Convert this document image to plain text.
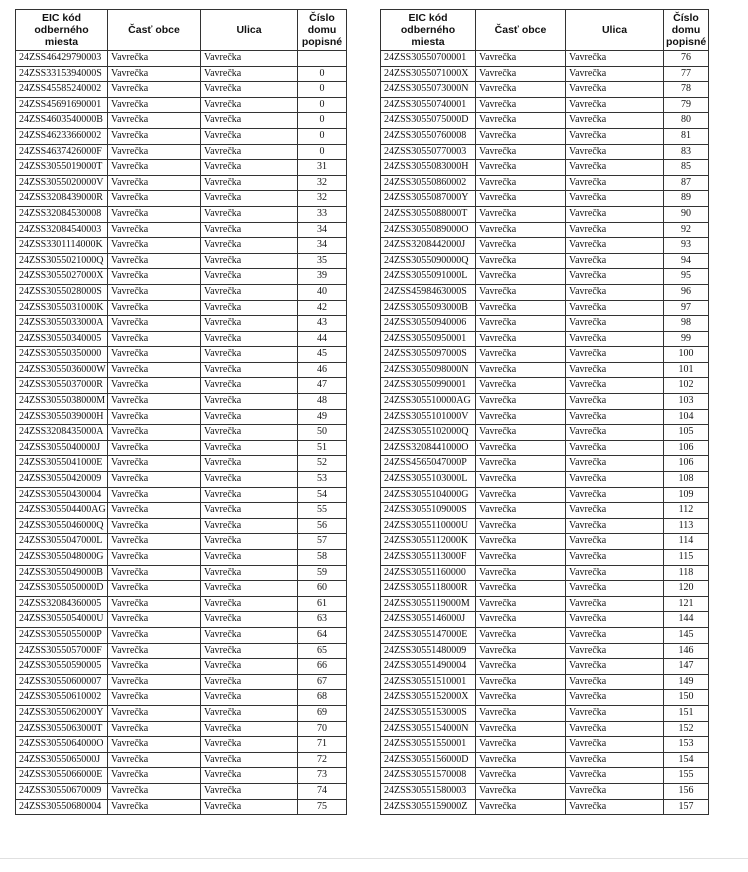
EIC kód odberného miesta	Časť obce	Ulica	Číslo domu popisné
24ZSS46429790003	Vavrečka	Vavrečka	
24ZSS3315394000S	Vavrečka	Vavrečka	0
24ZSS45585240002	Vavrečka	Vavrečka	0
24ZSS45691690001	Vavrečka	Vavrečka	0
24ZSS4603540000B	Vavrečka	Vavrečka	0
24ZSS46233660002	Vavrečka	Vavrečka	0
24ZSS4637426000F	Vavrečka	Vavrečka	0
24ZSS3055019000T	Vavrečka	Vavrečka	31
24ZSS3055020000V	Vavrečka	Vavrečka	32
24ZSS3208439000R	Vavrečka	Vavrečka	32
24ZSS32084530008	Vavrečka	Vavrečka	33
24ZSS32084540003	Vavrečka	Vavrečka	34
24ZSS3301114000K	Vavrečka	Vavrečka	34
24ZSS3055021000Q	Vavrečka	Vavrečka	35
24ZSS3055027000X	Vavrečka	Vavrečka	39
24ZSS3055028000S	Vavrečka	Vavrečka	40
24ZSS3055031000K	Vavrečka	Vavrečka	42
24ZSS3055033000A	Vavrečka	Vavrečka	43
24ZSS30550340005	Vavrečka	Vavrečka	44
24ZSS30550350000	Vavrečka	Vavrečka	45
24ZSS3055036000W	Vavrečka	Vavrečka	46
24ZSS3055037000R	Vavrečka	Vavrečka	47
24ZSS3055038000M	Vavrečka	Vavrečka	48
24ZSS3055039000H	Vavrečka	Vavrečka	49
24ZSS3208435000A	Vavrečka	Vavrečka	50
24ZSS3055040000J	Vavrečka	Vavrečka	51
24ZSS3055041000E	Vavrečka	Vavrečka	52
24ZSS30550420009	Vavrečka	Vavrečka	53
24ZSS30550430004	Vavrečka	Vavrečka	54
24ZSS305504400AG	Vavrečka	Vavrečka	55
24ZSS3055046000Q	Vavrečka	Vavrečka	56
24ZSS3055047000L	Vavrečka	Vavrečka	57
24ZSS3055048000G	Vavrečka	Vavrečka	58
24ZSS3055049000B	Vavrečka	Vavrečka	59
24ZSS3055050000D	Vavrečka	Vavrečka	60
24ZSS32084360005	Vavrečka	Vavrečka	61
24ZSS3055054000U	Vavrečka	Vavrečka	63
24ZSS3055055000P	Vavrečka	Vavrečka	64
24ZSS3055057000F	Vavrečka	Vavrečka	65
24ZSS30550590005	Vavrečka	Vavrečka	66
24ZSS30550600007	Vavrečka	Vavrečka	67
24ZSS30550610002	Vavrečka	Vavrečka	68
24ZSS3055062000Y	Vavrečka	Vavrečka	69
24ZSS3055063000T	Vavrečka	Vavrečka	70
24ZSS3055064000O	Vavrečka	Vavrečka	71
24ZSS3055065000J	Vavrečka	Vavrečka	72
24ZSS3055066000E	Vavrečka	Vavrečka	73
24ZSS30550670009	Vavrečka	Vavrečka	74
24ZSS30550680004	Vavrečka	Vavrečka	75
EIC kód odberného miesta	Časť obce	Ulica	Číslo domu popisné
24ZSS30550700001	Vavrečka	Vavrečka	76
24ZSS3055071000X	Vavrečka	Vavrečka	77
24ZSS3055073000N	Vavrečka	Vavrečka	78
24ZSS30550740001	Vavrečka	Vavrečka	79
24ZSS3055075000D	Vavrečka	Vavrečka	80
24ZSS30550760008	Vavrečka	Vavrečka	81
24ZSS30550770003	Vavrečka	Vavrečka	83
24ZSS3055083000H	Vavrečka	Vavrečka	85
24ZSS30550860002	Vavrečka	Vavrečka	87
24ZSS3055087000Y	Vavrečka	Vavrečka	89
24ZSS3055088000T	Vavrečka	Vavrečka	90
24ZSS3055089000O	Vavrečka	Vavrečka	92
24ZSS3208442000J	Vavrečka	Vavrečka	93
24ZSS3055090000Q	Vavrečka	Vavrečka	94
24ZSS3055091000L	Vavrečka	Vavrečka	95
24ZSS4598463000S	Vavrečka	Vavrečka	96
24ZSS3055093000B	Vavrečka	Vavrečka	97
24ZSS30550940006	Vavrečka	Vavrečka	98
24ZSS30550950001	Vavrečka	Vavrečka	99
24ZSS3055097000S	Vavrečka	Vavrečka	100
24ZSS3055098000N	Vavrečka	Vavrečka	101
24ZSS30550990001	Vavrečka	Vavrečka	102
24ZSS305510000AG	Vavrečka	Vavrečka	103
24ZSS3055101000V	Vavrečka	Vavrečka	104
24ZSS3055102000Q	Vavrečka	Vavrečka	105
24ZSS3208441000O	Vavrečka	Vavrečka	106
24ZSS4565047000P	Vavrečka	Vavrečka	106
24ZSS3055103000L	Vavrečka	Vavrečka	108
24ZSS3055104000G	Vavrečka	Vavrečka	109
24ZSS3055109000S	Vavrečka	Vavrečka	112
24ZSS3055110000U	Vavrečka	Vavrečka	113
24ZSS3055112000K	Vavrečka	Vavrečka	114
24ZSS3055113000F	Vavrečka	Vavrečka	115
24ZSS30551160000	Vavrečka	Vavrečka	118
24ZSS3055118000R	Vavrečka	Vavrečka	120
24ZSS3055119000M	Vavrečka	Vavrečka	121
24ZSS3055146000J	Vavrečka	Vavrečka	144
24ZSS3055147000E	Vavrečka	Vavrečka	145
24ZSS30551480009	Vavrečka	Vavrečka	146
24ZSS30551490004	Vavrečka	Vavrečka	147
24ZSS30551510001	Vavrečka	Vavrečka	149
24ZSS3055152000X	Vavrečka	Vavrečka	150
24ZSS3055153000S	Vavrečka	Vavrečka	151
24ZSS3055154000N	Vavrečka	Vavrečka	152
24ZSS30551550001	Vavrečka	Vavrečka	153
24ZSS3055156000D	Vavrečka	Vavrečka	154
24ZSS30551570008	Vavrečka	Vavrečka	155
24ZSS30551580003	Vavrečka	Vavrečka	156
24ZSS3055159000Z	Vavrečka	Vavrečka	157
